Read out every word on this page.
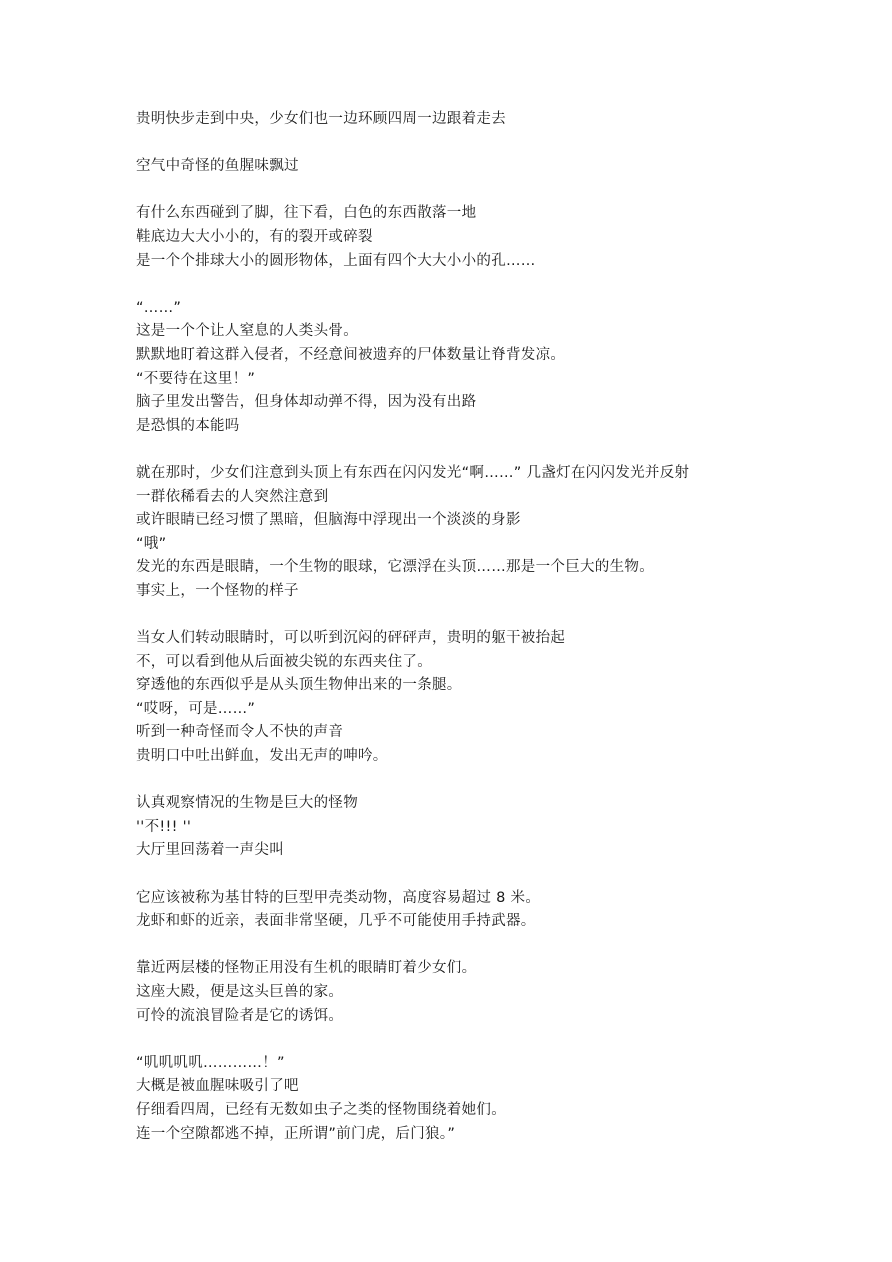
贵明快步走到中央，少女们也一边环顾四周一边跟着走去
空气中奇怪的鱼腥味飘过
有什么东西碰到了脚，往下看，白色的东西散落一地
鞋底边大大小小的，有的裂开或碎裂
是一个个排球大小的圆形物体，上面有四个大大小小的孔……
“……”
这是一个个让人窒息的人类头骨。
默默地盯着这群入侵者，不经意间被遗弃的尸体数量让脊背发凉。
“不要待在这里！”
脑子里发出警告，但身体却动弹不得，因为没有出路
是恐惧的本能吗
就在那时，少女们注意到头顶上有东西在闪闪发光“啊……” 几盏灯在闪闪发光并反射
一群依稀看去的人突然注意到
或许眼睛已经习惯了黑暗，但脑海中浮现出一个淡淡的身影
“哦”
发光的东西是眼睛，一个生物的眼球，它漂浮在头顶……那是一个巨大的生物。
事实上，一个怪物的样子
当女人们转动眼睛时，可以听到沉闷的砰砰声，贵明的躯干被抬起
不，可以看到他从后面被尖锐的东西夹住了。
穿透他的东西似乎是从头顶生物伸出来的一条腿。
“哎呀，可是……”
听到一种奇怪而令人不快的声音
贵明口中吐出鲜血，发出无声的呻吟。
认真观察情况的生物是巨大的怪物
''不!!! ''
大厅里回荡着一声尖叫
它应该被称为基甘特的巨型甲壳类动物，高度容易超过 8 米。
龙虾和虾的近亲，表面非常坚硬，几乎不可能使用手持武器。
靠近两层楼的怪物正用没有生机的眼睛盯着少女们。
这座大殿，便是这头巨兽的家。
可怜的流浪冒险者是它的诱饵。
“叽叽叽叽…………！”
大概是被血腥味吸引了吧
仔细看四周，已经有无数如虫子之类的怪物围绕着她们。
连一个空隙都逃不掉，正所谓”前门虎，后门狼。”
